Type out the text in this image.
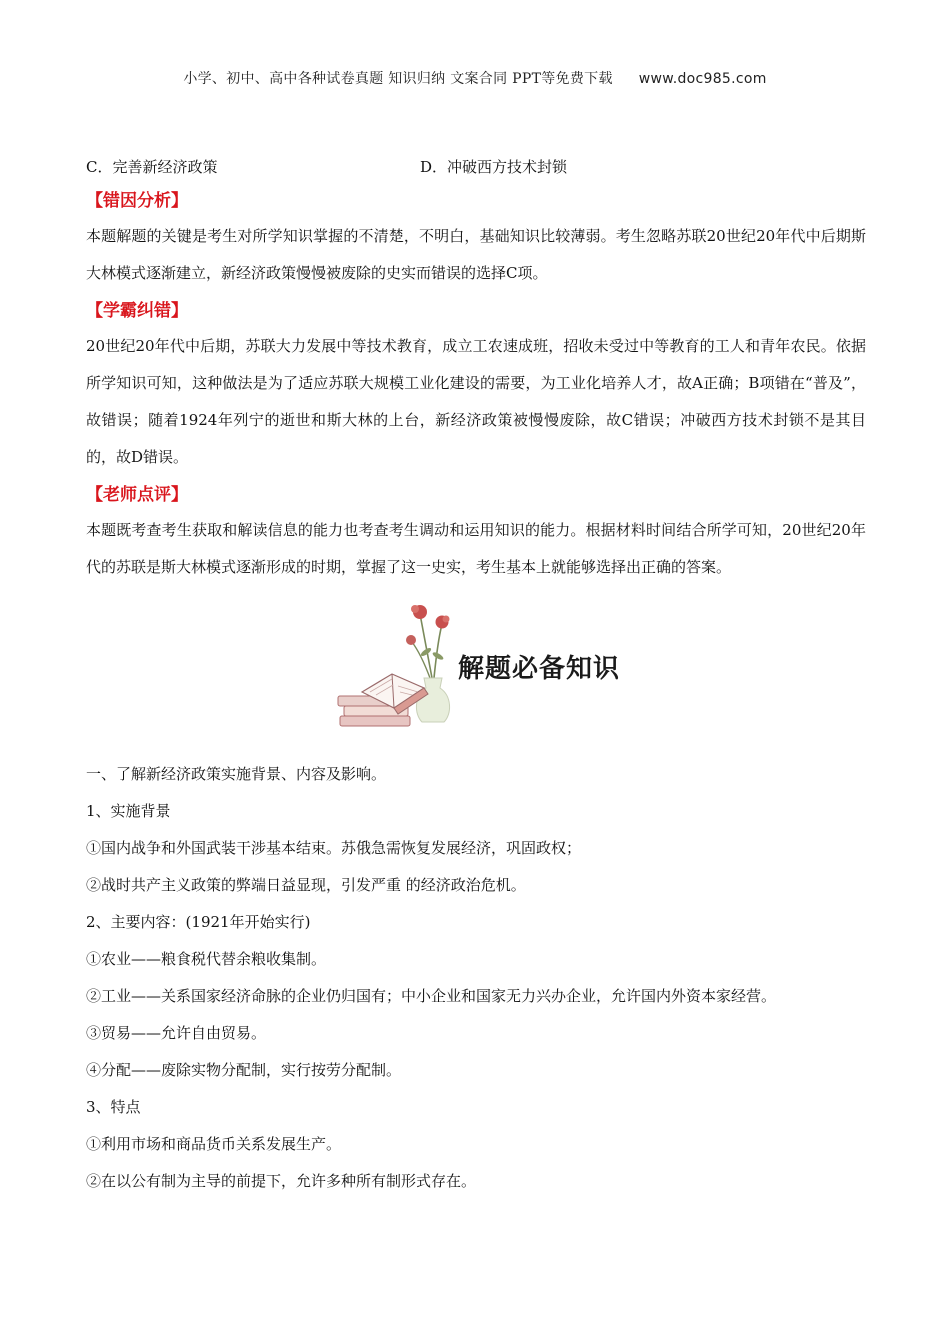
小学、初中、高中各种试卷真题 知识归纳 文案合同 PPT等免费下载 www.doc985.com
C．完善新经济政策	D．冲破西方技术封锁
【错因分析】
本题解题的关键是考生对所学知识掌握的不清楚，不明白，基础知识比较薄弱。考生忽略苏联20世纪20年代中后期斯大林模式逐渐建立，新经济政策慢慢被废除的史实而错误的选择C项。
【学霸纠错】
20世纪20年代中后期，苏联大力发展中等技术教育，成立工农速成班，招收未受过中等教育的工人和青年农民。依据所学知识可知，这种做法是为了适应苏联大规模工业化建设的需要，为工业化培养人才，故A正确；B项错在“普及”，故错误；随着1924年列宁的逝世和斯大林的上台，新经济政策被慢慢废除，故C错误；冲破西方技术封锁不是其目的，故D错误。
【老师点评】
本题既考查考生获取和解读信息的能力也考查考生调动和运用知识的能力。根据材料时间结合所学可知，20世纪20年代的苏联是斯大林模式逐渐形成的时期，掌握了这一史实，考生基本上就能够选择出正确的答案。
解题必备知识
一、了解新经济政策实施背景、内容及影响。
1、实施背景
①国内战争和外国武装干涉基本结束。苏俄急需恢复发展经济，巩固政权；
②战时共产主义政策的弊端日益显现，引发严重 的经济政治危机。
2、主要内容：(1921年开始实行)
①农业——粮食税代替余粮收集制。
②工业——关系国家经济命脉的企业仍归国有；中小企业和国家无力兴办企业，允许国内外资本家经营。
③贸易——允许自由贸易。
④分配——废除实物分配制，实行按劳分配制。
3、特点
①利用市场和商品货币关系发展生产。
②在以公有制为主导的前提下，允许多种所有制形式存在。
